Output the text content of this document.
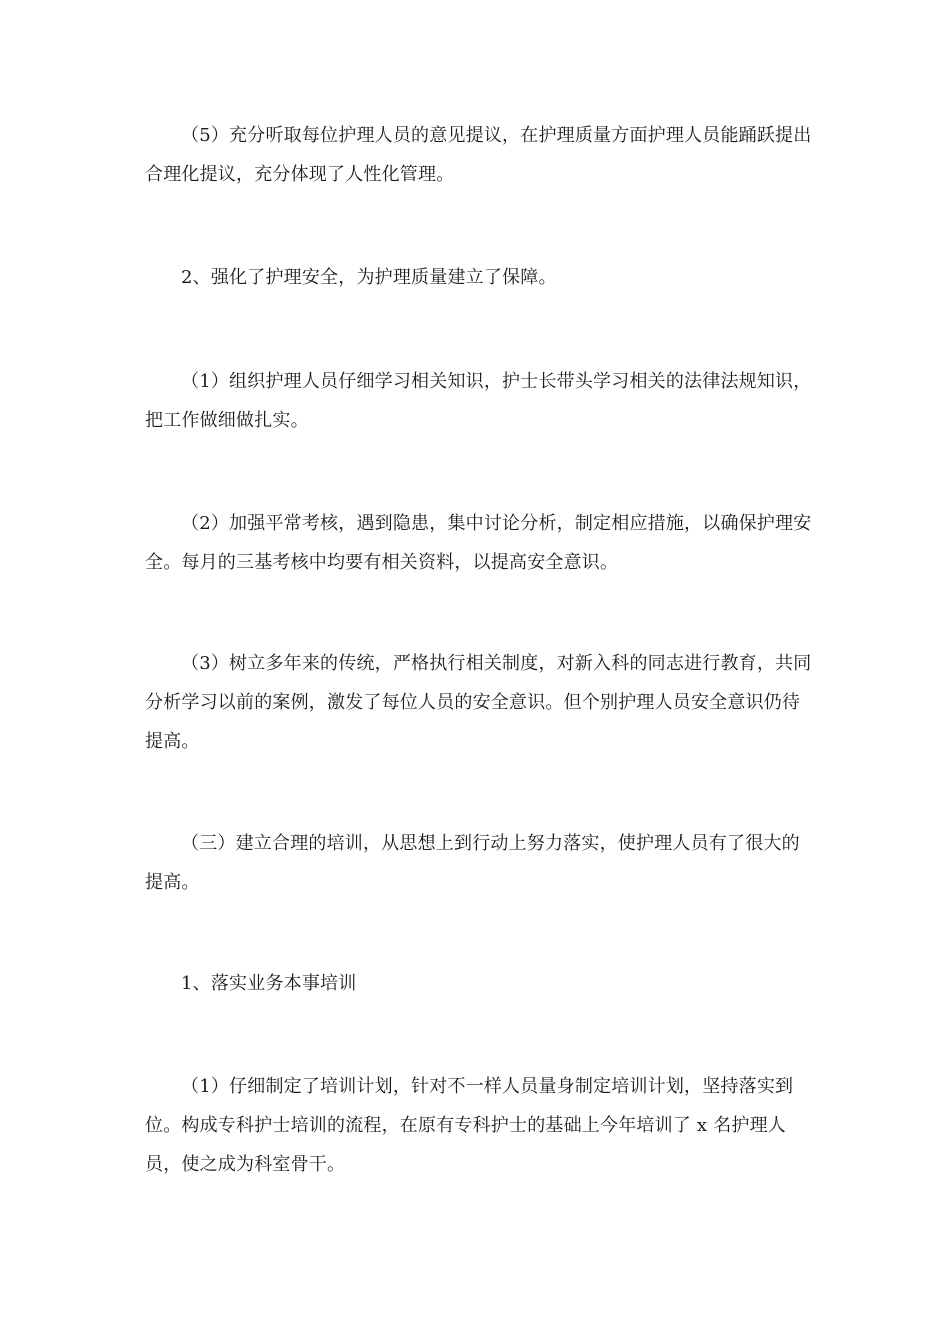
（5）充分听取每位护理人员的意见提议，在护理质量方面护理人员能踊跃提出合理化提议，充分体现了人性化管理。

2、强化了护理安全，为护理质量建立了保障。

（1）组织护理人员仔细学习相关知识，护士长带头学习相关的法律法规知识，把工作做细做扎实。

（2）加强平常考核，遇到隐患，集中讨论分析，制定相应措施，以确保护理安全。每月的三基考核中均要有相关资料，以提高安全意识。

（3）树立多年来的传统，严格执行相关制度，对新入科的同志进行教育，共同分析学习以前的案例，激发了每位人员的安全意识。但个别护理人员安全意识仍待提高。

（三）建立合理的培训，从思想上到行动上努力落实，使护理人员有了很大的提高。

1、落实业务本事培训

（1）仔细制定了培训计划，针对不一样人员量身制定培训计划，坚持落实到位。构成专科护士培训的流程，在原有专科护士的基础上今年培训了 x 名护理人员，使之成为科室骨干。
